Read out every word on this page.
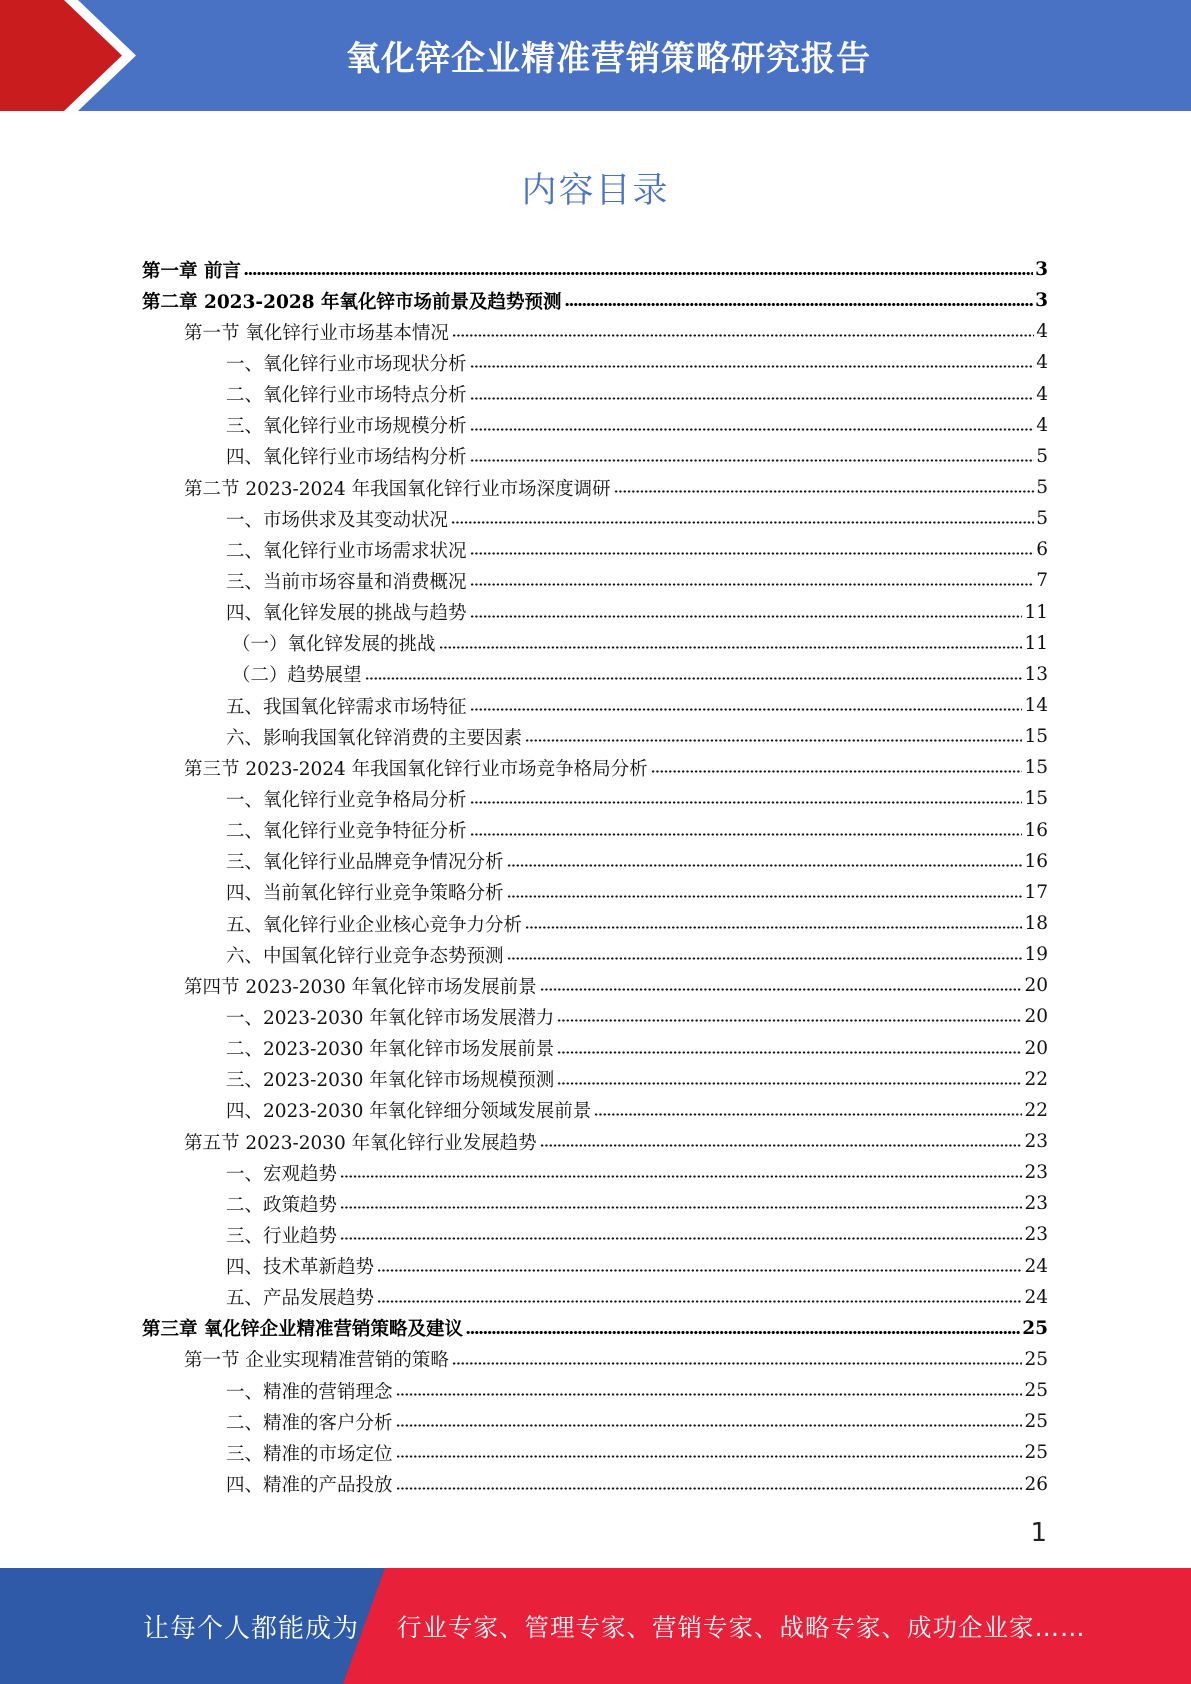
氧化锌企业精准营销策略研究报告
内容目录
第一章 前言	3
第二章 2023-2028 年氧化锌市场前景及趋势预测	3
第一节 氧化锌行业市场基本情况	4
一、氧化锌行业市场现状分析	4
二、氧化锌行业市场特点分析	4
三、氧化锌行业市场规模分析	4
四、氧化锌行业市场结构分析	5
第二节 2023-2024 年我国氧化锌行业市场深度调研	5
一、市场供求及其变动状况	5
二、氧化锌行业市场需求状况	6
三、当前市场容量和消费概况	7
四、氧化锌发展的挑战与趋势	11
（一）氧化锌发展的挑战	11
（二）趋势展望	13
五、我国氧化锌需求市场特征	14
六、影响我国氧化锌消费的主要因素	15
第三节 2023-2024 年我国氧化锌行业市场竞争格局分析	15
一、氧化锌行业竞争格局分析	15
二、氧化锌行业竞争特征分析	16
三、氧化锌行业品牌竞争情况分析	16
四、当前氧化锌行业竞争策略分析	17
五、氧化锌行业企业核心竞争力分析	18
六、中国氧化锌行业竞争态势预测	19
第四节 2023-2030 年氧化锌市场发展前景	20
一、2023-2030 年氧化锌市场发展潜力	20
二、2023-2030 年氧化锌市场发展前景	20
三、2023-2030 年氧化锌市场规模预测	22
四、2023-2030 年氧化锌细分领域发展前景	22
第五节 2023-2030 年氧化锌行业发展趋势	23
一、宏观趋势	23
二、政策趋势	23
三、行业趋势	23
四、技术革新趋势	24
五、产品发展趋势	24
第三章 氧化锌企业精准营销策略及建议	25
第一节 企业实现精准营销的策略	25
一、精准的营销理念	25
二、精准的客户分析	25
三、精准的市场定位	25
四、精准的产品投放	26
1
让每个人都能成为 行业专家、管理专家、营销专家、战略专家、成功企业家……
